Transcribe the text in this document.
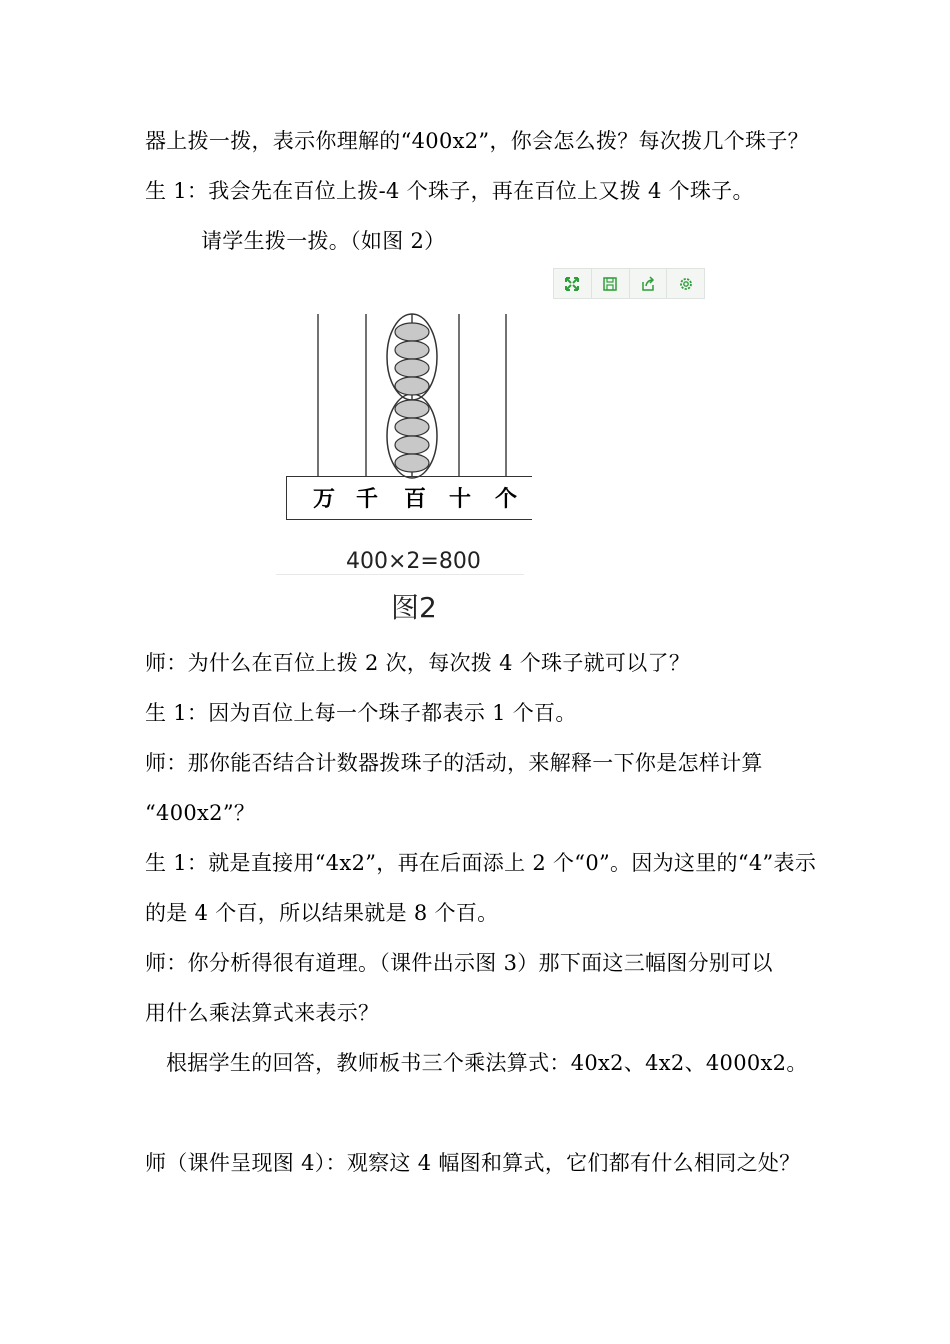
器上拨一拨，表示你理解的“400x2”，你会怎么拨？每次拨几个珠子？

生 1：我会先在百位上拨-4 个珠子，再在百位上又拨 4 个珠子。

请学生拨一拨。（如图 2）

万 千 百 十 个
400×2=800
图2

师：为什么在百位上拨 2 次，每次拨 4 个珠子就可以了？

生 1：因为百位上每一个珠子都表示 1 个百。

师：那你能否结合计数器拨珠子的活动，来解释一下你是怎样计算

“400x2”？

生 1：就是直接用“4x2”，再在后面添上 2 个“0”。因为这里的“4”表示

的是 4 个百，所以结果就是 8 个百。

师：你分析得很有道理。（课件出示图 3）那下面这三幅图分别可以

用什么乘法算式来表示？

根据学生的回答，教师板书三个乘法算式：40x2、4x2、4000x2。

师（课件呈现图 4）：观察这 4 幅图和算式，它们都有什么相同之处？
